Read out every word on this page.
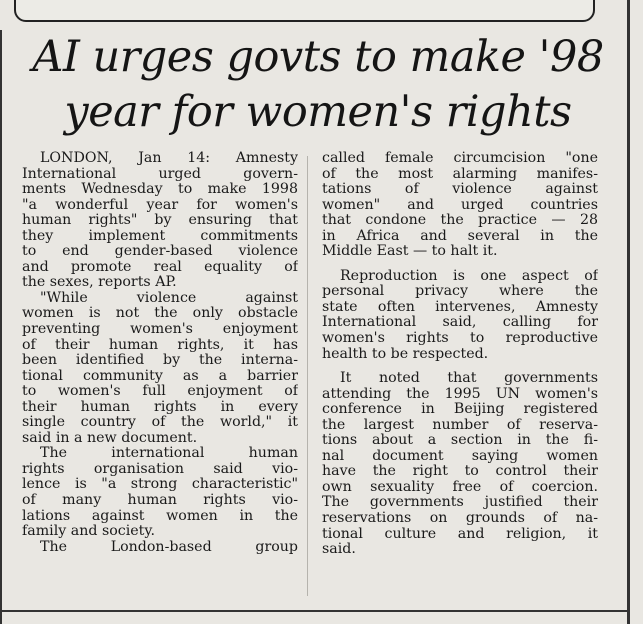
AI urges govts to make '98
year for women's rights
LONDON, Jan 14: Amnesty
International urged govern-
ments Wednesday to make 1998
"a wonderful year for women's
human rights" by ensuring that
they implement commitments
to end gender-based violence
and promote real equality of
the sexes, reports AP.
"While violence against
women is not the only obstacle
preventing women's enjoyment
of their human rights, it has
been identified by the interna-
tional community as a barrier
to women's full enjoyment of
their human rights in every
single country of the world," it
said in a new document.
The international human
rights organisation said vio-
lence is "a strong characteristic"
of many human rights vio-
lations against women in the
family and society.
The London-based group
called female circumcision "one
of the most alarming manifes-
tations of violence against
women" and urged countries
that condone the practice — 28
in Africa and several in the
Middle East — to halt it.
Reproduction is one aspect of
personal privacy where the
state often intervenes, Amnesty
International said, calling for
women's rights to reproductive
health to be respected.
It noted that governments
attending the 1995 UN women's
conference in Beijing registered
the largest number of reserva-
tions about a section in the fi-
nal document saying women
have the right to control their
own sexuality free of coercion.
The governments justified their
reservations on grounds of na-
tional culture and religion, it
said.
